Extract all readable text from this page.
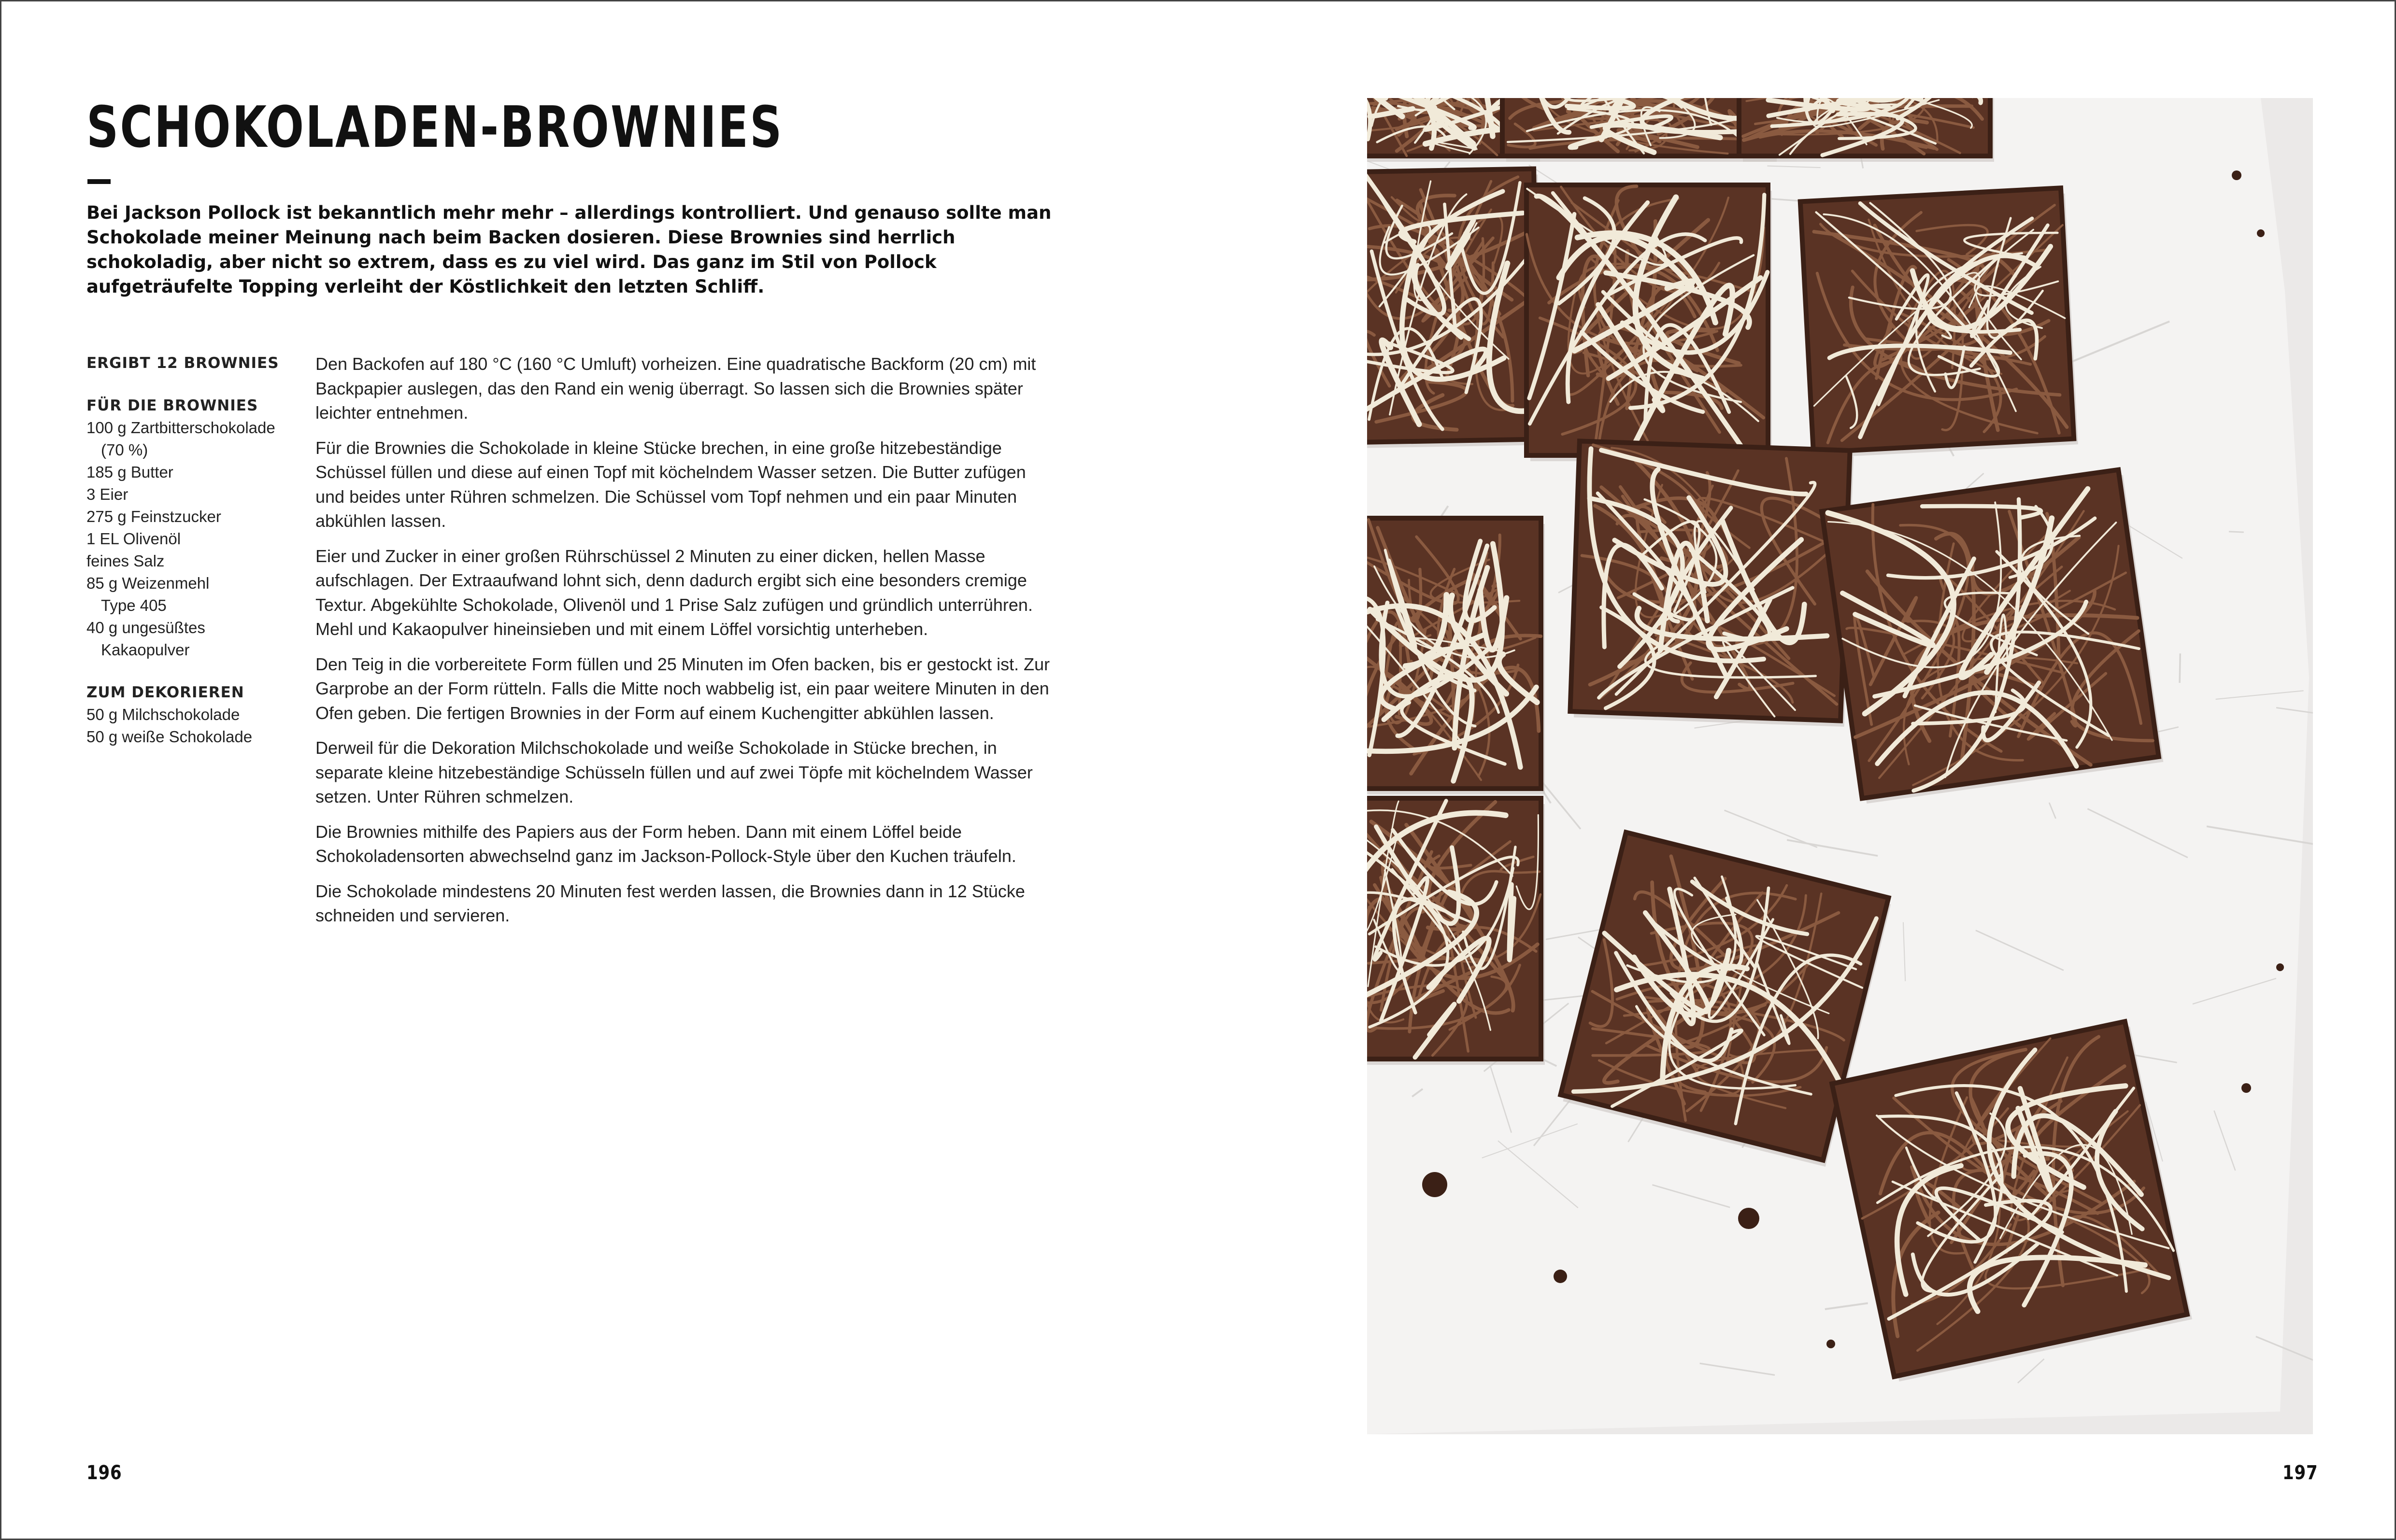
SCHOKOLADEN-BROWNIES
Bei Jackson Pollock ist bekanntlich mehr mehr – allerdings kontrolliert. Und genauso sollte man Schokolade meiner Meinung nach beim Backen dosieren. Diese Brownies sind herrlich schokoladig, aber nicht so extrem, dass es zu viel wird. Das ganz im Stil von Pollock aufgeträufelte Topping verleiht der Köstlichkeit den letzten Schliff.
ERGIBT 12 BROWNIES
FÜR DIE BROWNIES
100 g Zartbitterschokolade
(70 %)
185 g Butter
3 Eier
275 g Feinstzucker
1 EL Olivenöl
feines Salz
85 g Weizenmehl
Type 405
40 g ungesüßtes
Kakaopulver
ZUM DEKORIEREN
50 g Milchschokolade
50 g weiße Schokolade

Den Backofen auf 180 °C (160 °C Umluft) vorheizen. Eine quadratische Backform (20 cm) mit Backpapier auslegen, das den Rand ein wenig überragt. So lassen sich die Brownies später leichter entnehmen.

Für die Brownies die Schokolade in kleine Stücke brechen, in eine große hitzebeständige Schüssel füllen und diese auf einen Topf mit köchelndem Wasser setzen. Die Butter zufügen und beides unter Rühren schmelzen. Die Schüssel vom Topf nehmen und ein paar Minuten abkühlen lassen.

Eier und Zucker in einer großen Rührschüssel 2 Minuten zu einer dicken, hellen Masse aufschlagen. Der Extraaufwand lohnt sich, denn dadurch ergibt sich eine besonders cremige Textur. Abgekühlte Schokolade, Olivenöl und 1 Prise Salz zufügen und gründlich unterrühren. Mehl und Kakaopulver hineinsieben und mit einem Löffel vorsichtig unterheben.

Den Teig in die vorbereitete Form füllen und 25 Minuten im Ofen backen, bis er gestockt ist. Zur Garprobe an der Form rütteln. Falls die Mitte noch wabbelig ist, ein paar weitere Minuten in den Ofen geben. Die fertigen Brownies in der Form auf einem Kuchengitter abkühlen lassen.

Derweil für die Dekoration Milchschokolade und weiße Schokolade in Stücke brechen, in separate kleine hitzebeständige Schüsseln füllen und auf zwei Töpfe mit köchelndem Wasser setzen. Unter Rühren schmelzen.

Die Brownies mithilfe des Papiers aus der Form heben. Dann mit einem Löffel beide Schokoladensorten abwechselnd ganz im Jackson-Pollock-Style über den Kuchen träufeln.

Die Schokolade mindestens 20 Minuten fest werden lassen, die Brownies dann in 12 Stücke schneiden und servieren.

196	197
